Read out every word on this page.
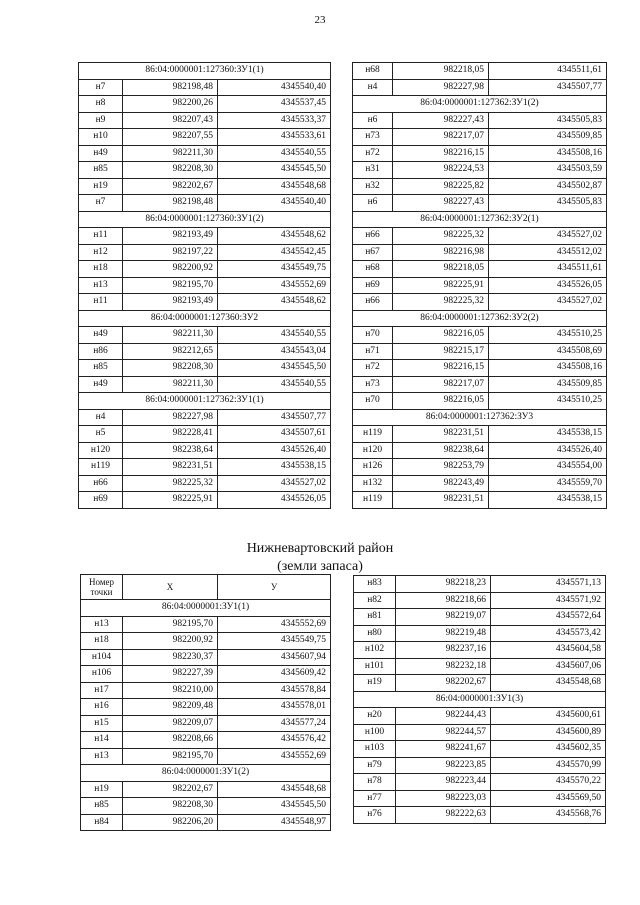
23
86:04:0000001:127360:ЗУ1(1)		
н7	982198,48	4345540,40
н8	982200,26	4345537,45
н9	982207,43	4345533,37
н10	982207,55	4345533,61
н49	982211,30	4345540,55
н85	982208,30	4345545,50
н19	982202,67	4345548,68
н7	982198,48	4345540,40
86:04:0000001:127360:ЗУ1(2)		
н11	982193,49	4345548,62
н12	982197,22	4345542,45
н18	982200,92	4345549,75
н13	982195,70	4345552,69
н11	982193,49	4345548,62
86:04:0000001:127360:ЗУ2		
н49	982211,30	4345540,55
н86	982212,65	4345543,04
н85	982208,30	4345545,50
н49	982211,30	4345540,55
86:04:0000001:127362:ЗУ1(1)		
н4	982227,98	4345507,77
н5	982228,41	4345507,61
н120	982238,64	4345526,40
н119	982231,51	4345538,15
н66	982225,32	4345527,02
н69	982225,91	4345526,05
н68	982218,05	4345511,61
н4	982227,98	4345507,77
86:04:0000001:127362:ЗУ1(2)		
н6	982227,43	4345505,83
н73	982217,07	4345509,85
н72	982216,15	4345508,16
н31	982224,53	4345503,59
н32	982225,82	4345502,87
н6	982227,43	4345505,83
86:04:0000001:127362:ЗУ2(1)		
н66	982225,32	4345527,02
н67	982216,98	4345512,02
н68	982218,05	4345511,61
н69	982225,91	4345526,05
н66	982225,32	4345527,02
86:04:0000001:127362:ЗУ2(2)		
н70	982216,05	4345510,25
н71	982215,17	4345508,69
н72	982216,15	4345508,16
н73	982217,07	4345509,85
н70	982216,05	4345510,25
86:04:0000001:127362:ЗУ3		
н119	982231,51	4345538,15
н120	982238,64	4345526,40
н126	982253,79	4345554,00
н132	982243,49	4345559,70
н119	982231,51	4345538,15
Нижневартовский район
(земли запаса)
Номер точки	X	У
86:04:0000001:ЗУ1(1)		
н13	982195,70	4345552,69
н18	982200,92	4345549,75
н104	982230,37	4345607,94
н106	982227,39	4345609,42
н17	982210,00	4345578,84
н16	982209,48	4345578,01
н15	982209,07	4345577,24
н14	982208,66	4345576,42
н13	982195,70	4345552,69
86:04:0000001:ЗУ1(2)		
н19	982202,67	4345548,68
н85	982208,30	4345545,50
н84	982206,20	4345548,97
н83	982218,23	4345571,13
н82	982218,66	4345571,92
н81	982219,07	4345572,64
н80	982219,48	4345573,42
н102	982237,16	4345604,58
н101	982232,18	4345607,06
н19	982202,67	4345548,68
86:04:0000001:ЗУ1(3)		
н20	982244,43	4345600,61
н100	982244,57	4345600,89
н103	982241,67	4345602,35
н79	982223,85	4345570,99
н78	982223,44	4345570,22
н77	982223,03	4345569,50
н76	982222,63	4345568,76
